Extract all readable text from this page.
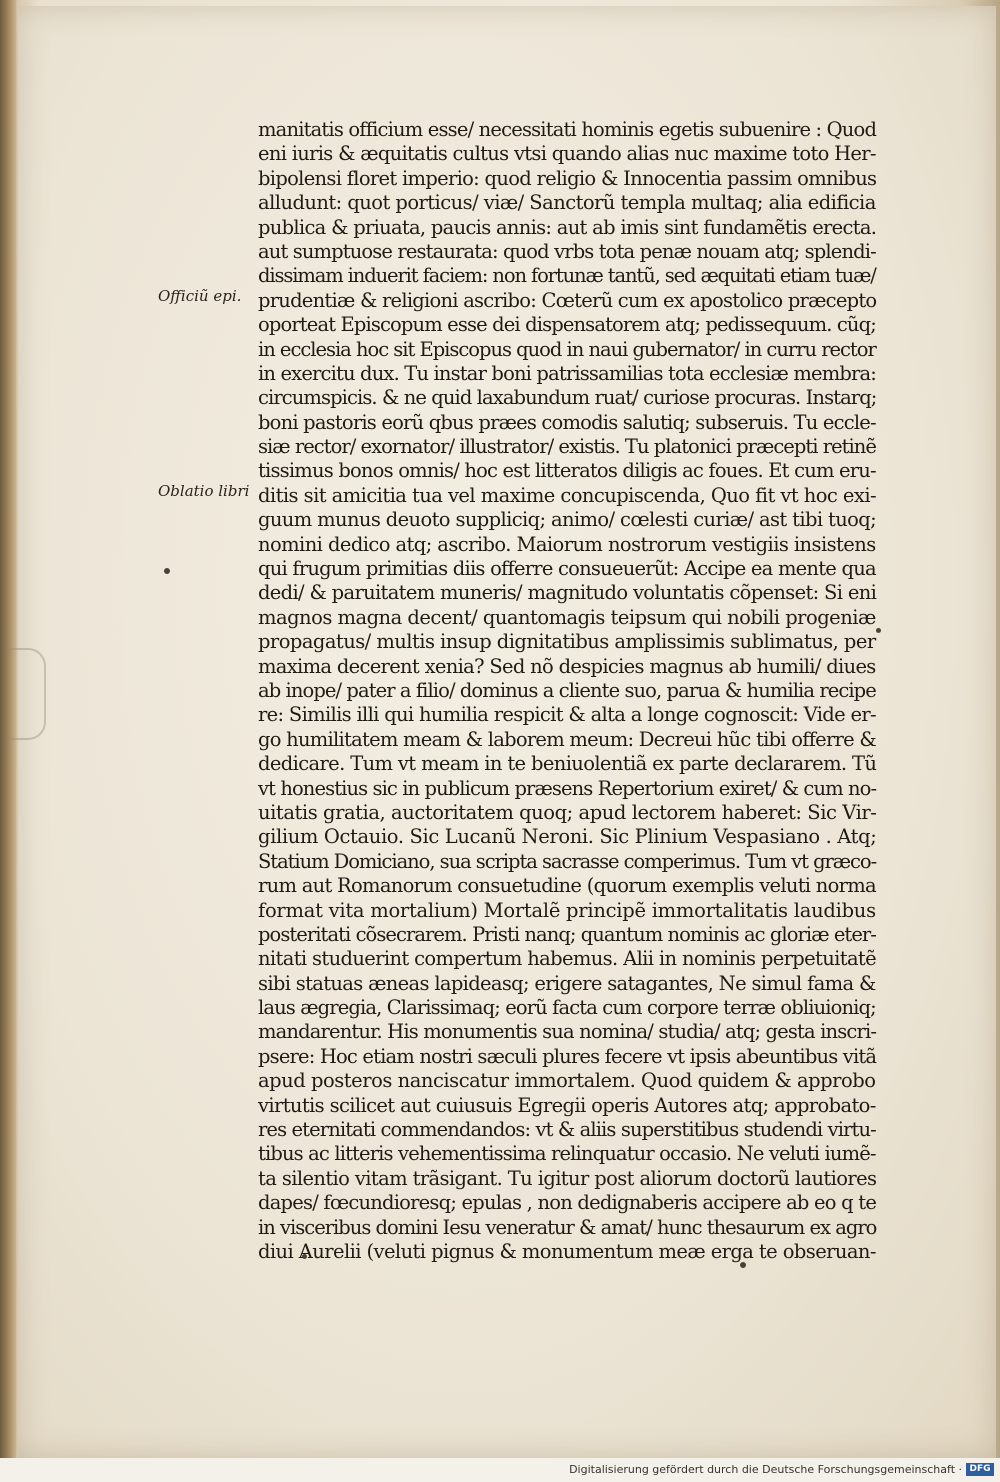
Officiũ epi.
Oblatio libri
manitatis officium esse/ necessitati hominis egetis subuenire : Quod
eni iuris & æquitatis cultus vtsi quando alias nuc maxime toto Her-
bipolensi floret imperio: quod religio & Innocentia passim omnibus
alludunt: quot porticus/ viæ/ Sanctorũ templa multaq; alia edificia
publica & priuata, paucis annis: aut ab imis sint fundamẽtis erecta.
aut sumptuose restaurata: quod vrbs tota penæ nouam atq; splendi-
dissimam induerit faciem: non fortunæ tantũ, sed æquitati etiam tuæ/
prudentiæ & religioni ascribo: Cœterũ cum ex apostolico præcepto
oporteat Episcopum esse dei dispensatorem atq; pedissequum. cũq;
in ecclesia hoc sit Episcopus quod in naui gubernator/ in curru rector
in exercitu dux. Tu instar boni patrissamilias tota ecclesiæ membra:
circumspicis. & ne quid laxabundum ruat/ curiose procuras. Instarq;
boni pastoris eorũ qbus præes comodis salutiq; subseruis. Tu eccle-
siæ rector/ exornator/ illustrator/ existis. Tu platonici præcepti retinẽ
tissimus bonos omnis/ hoc est litteratos diligis ac foues. Et cum eru-
ditis sit amicitia tua vel maxime concupiscenda, Quo fit vt hoc exi-
guum munus deuoto suppliciq; animo/ cœlesti curiæ/ ast tibi tuoq;
nomini dedico atq; ascribo. Maiorum nostrorum vestigiis insistens
qui frugum primitias diis offerre consueuerũt: Accipe ea mente qua
dedi/ & paruitatem muneris/ magnitudo voluntatis cõpenset: Si eni
magnos magna decent/ quantomagis teipsum qui nobili progeniæ
propagatus/ multis insup dignitatibus amplissimis sublimatus, per
maxima decerent xenia? Sed nõ despicies magnus ab humili/ diues
ab inope/ pater a filio/ dominus a cliente suo, parua & humilia recipe
re: Similis illi qui humilia respicit & alta a longe cognoscit: Vide er-
go humilitatem meam & laborem meum: Decreui hũc tibi offerre &
dedicare. Tum vt meam in te beniuolentiã ex parte declararem. Tũ
vt honestius sic in publicum præsens Repertorium exiret/ & cum no-
uitatis gratia, auctoritatem quoq; apud lectorem haberet: Sic Vir-
gilium Octauio. Sic Lucanũ Neroni. Sic Plinium Vespasiano . Atq;
Statium Domiciano, sua scripta sacrasse comperimus. Tum vt græco-
rum aut Romanorum consuetudine (quorum exemplis veluti norma
format vita mortalium) Mortalẽ principẽ immortalitatis laudibus
posteritati cõsecrarem. Pristi nanq; quantum nominis ac gloriæ eter-
nitati studuerint compertum habemus. Alii in nominis perpetuitatẽ
sibi statuas æneas lapideasq; erigere satagantes, Ne simul fama &
laus ægregia, Clarissimaq; eorũ facta cum corpore terræ obliuioniq;
mandarentur. His monumentis sua nomina/ studia/ atq; gesta inscri-
psere: Hoc etiam nostri sæculi plures fecere vt ipsis abeuntibus vitã
apud posteros nanciscatur immortalem. Quod quidem & approbo
virtutis scilicet aut cuiusuis Egregii operis Autores atq; approbato-
res eternitati commendandos: vt & aliis superstitibus studendi virtu-
tibus ac litteris vehementissima relinquatur occasio. Ne veluti iumẽ-
ta silentio vitam trãsigant. Tu igitur post aliorum doctorũ lautiores
dapes/ fœcundioresq; epulas , non dedignaberis accipere ab eo q te
in visceribus domini Iesu veneratur & amat/ hunc thesaurum ex agro
diui Aurelii (veluti pignus & monumentum meæ erga te obseruan-
Digitalisierung gefördert durch die Deutsche Forschungsgemeinschaft · DFG
